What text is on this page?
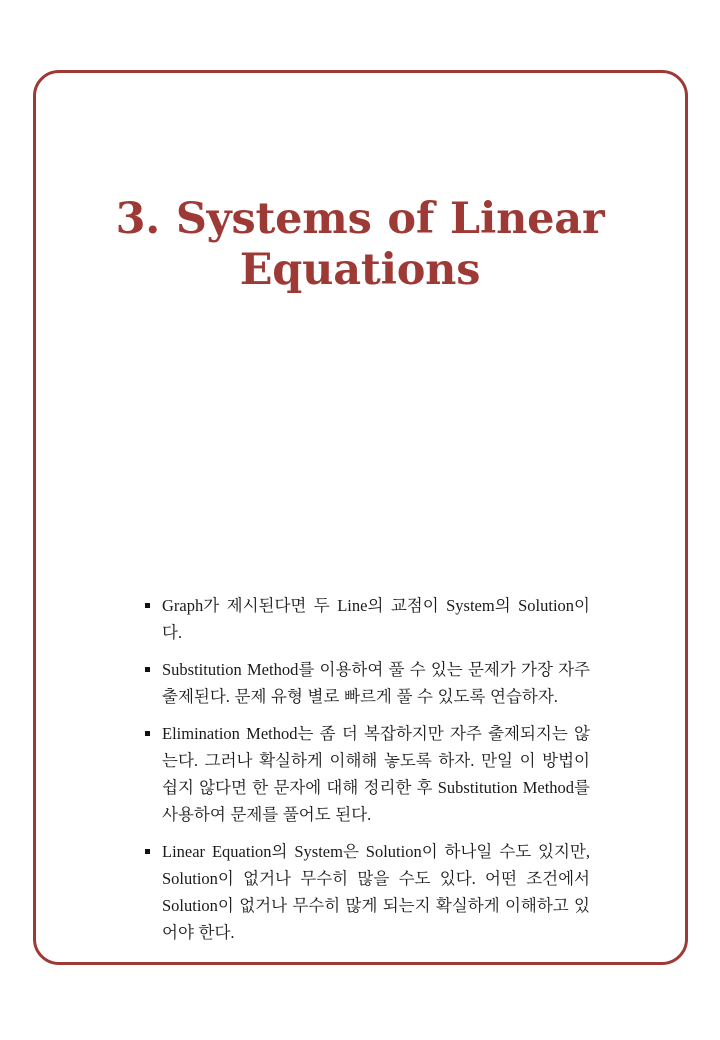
3. Systems of Linear Equations

Graph가 제시된다면 두 Line의 교점이 System의 Solution이다.

Substitution Method를 이용하여 풀 수 있는 문제가 가장 자주 출제된다. 문제 유형 별로 빠르게 풀 수 있도록 연습하자.

Elimination Method는 좀 더 복잡하지만 자주 출제되지는 않는다. 그러나 확실하게 이해해 놓도록 하자. 만일 이 방법이 쉽지 않다면 한 문자에 대해 정리한 후 Substitution Method를 사용하여 문제를 풀어도 된다.

Linear Equation의 System은 Solution이 하나일 수도 있지만, Solution이 없거나 무수히 많을 수도 있다. 어떤 조건에서 Solution이 없거나 무수히 많게 되는지 확실하게 이해하고 있어야 한다.
